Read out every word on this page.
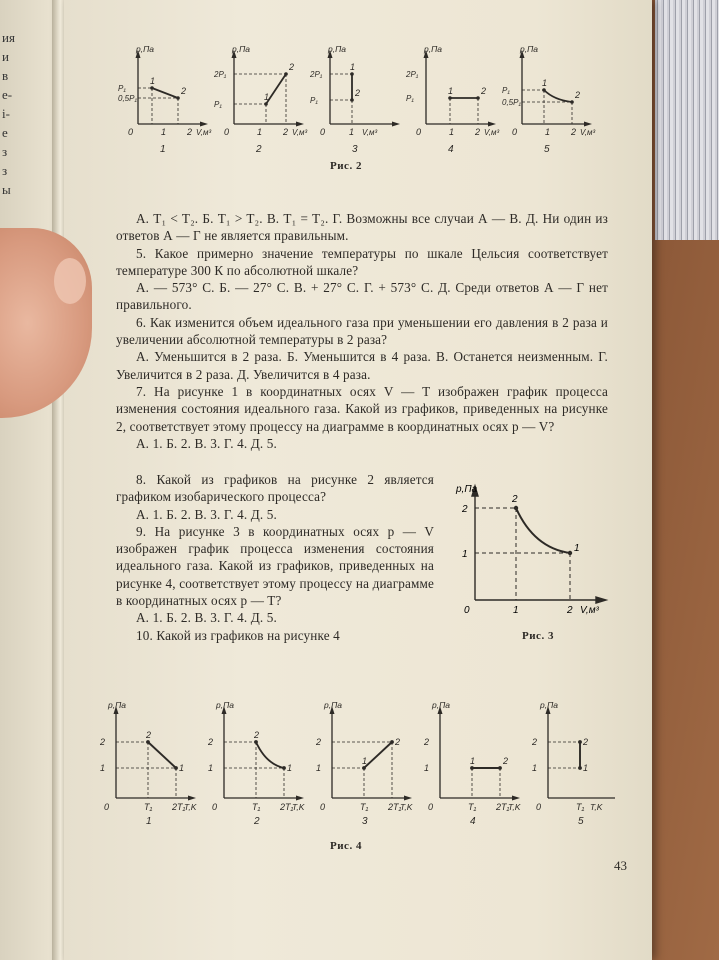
ия
и
в
е-
і-
е
з
з
ы
1
2
p,Па
P₁
0,5P₁
0	1 2 V,м³
1
1
2
p,Па
2P₁
P₁
0	1 2 V,м³
2
1
2
p,Па
2P₁
P₁
0	1 V,м³
3
1	2
p,Па
2P₁
P₁
0	1 2 V,м³
4
1
2
p,Па
P₁
0,5P₁
0	1 2 V,м³
5
Рис. 2

А. T₁ < T₂. Б. T₁ > T₂. В. T₁ = T₂. Г. Возможны все случаи А — В. Д. Ни один из ответов А — Г не является правильным.

5. Какое примерно значение температуры по шкале Цельсия соответствует температуре 300 К по абсолютной шкале?

А. — 573° С. Б. — 27° С. В. + 27° С. Г. + 573° С. Д. Среди ответов А — Г нет правильного.

6. Как изменится объем идеального газа при уменьшении его давления в 2 раза и увеличении абсолютной температуры в 2 раза?

А. Уменьшится в 2 раза. Б. Уменьшится в 4 раза. В. Останется неизменным. Г. Увеличится в 2 раза. Д. Увеличится в 4 раза.

7. На рисунке 1 в координатных осях V — T изображен график процесса изменения состояния идеального газа. Какой из графиков, приведенных на рисунке 2, соответствует этому процессу на диаграмме в координатных осях p — V?

А. 1. Б. 2. В. 3. Г. 4. Д. 5.

8. Какой из графиков на рисунке 2 является графиком изобарического процесса?

А. 1. Б. 2. В. 3. Г. 4. Д. 5.

9. На рисунке 3 в координатных осях p — V изображен график процесса изменения состояния идеального газа. Какой из графиков, приведенных на рисунке 4, соответствует этому процессу на диаграмме в координатных осях p — T?

А. 1. Б. 2. В. 3. Г. 4. Д. 5.

10. Какой из графиков на рисунке 4

p,Па
2
1
0	1	2 V,м³
2
1
Рис. 3
2
1
p,Па
2
1
0	T₁ 2T₁
T,K
1
2
1
p,Па
2
1
0	T₁ 2T₁
T,K
2
1
2
p,Па
2
1
0	T₁ 2T₁
T,K
3
1	2
p,Па
2
1
0	T₁ 2T₁
T,K
4
2
1
p,Па
2
1
0	T₁ T,K
5
Рис. 4
43
